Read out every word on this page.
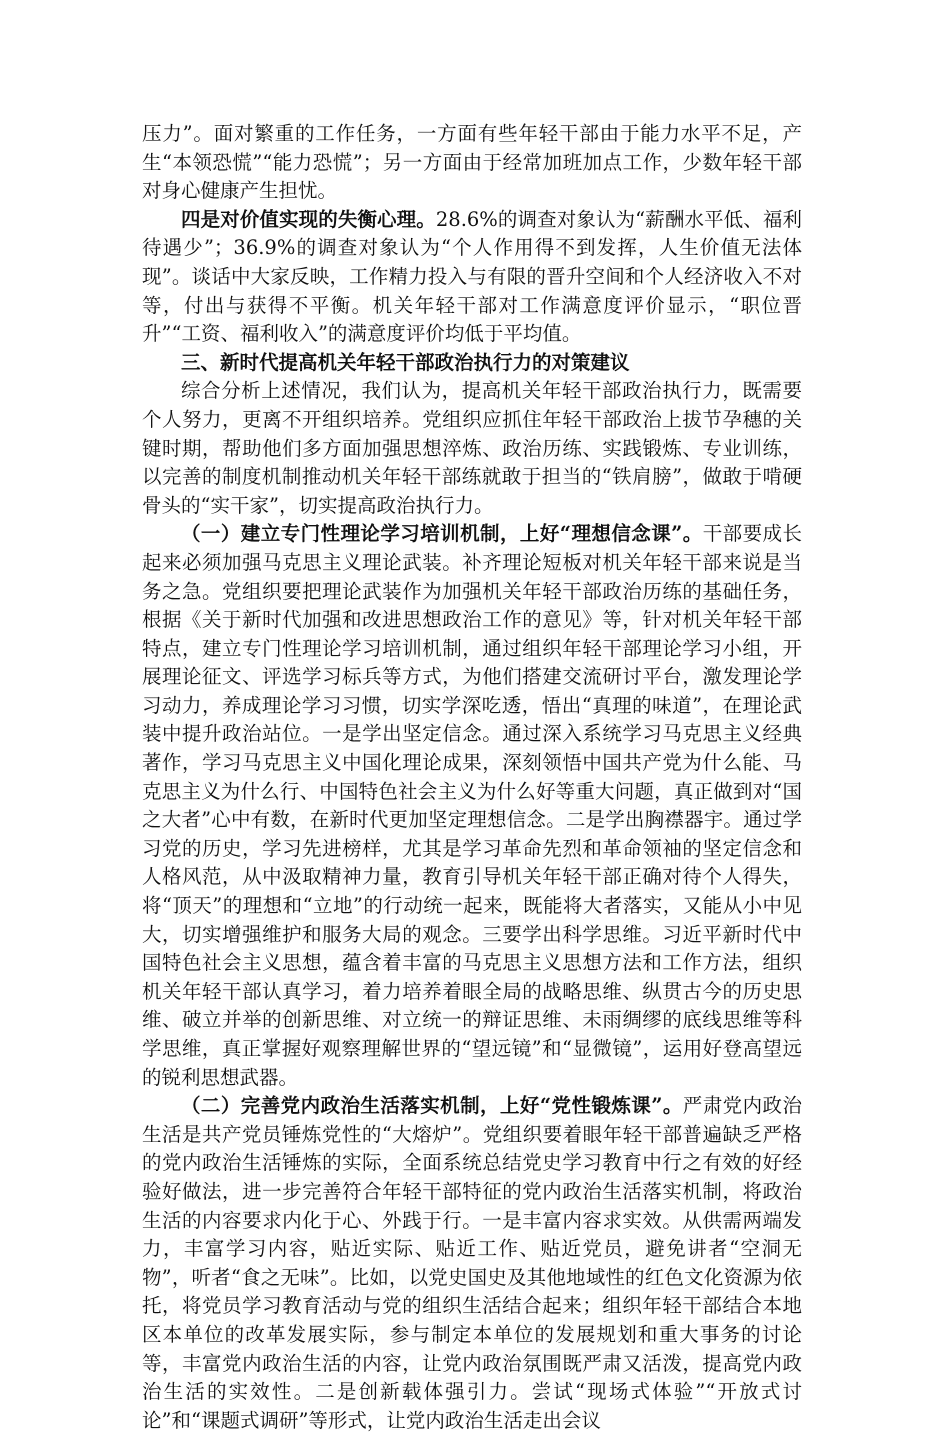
压力”。面对繁重的工作任务，一方面有些年轻干部由于能力水平不足，产生“本领恐慌”“能力恐慌”；另一方面由于经常加班加点工作，少数年轻干部对身心健康产生担忧。

四是对价值实现的失衡心理。28.6%的调查对象认为“薪酬水平低、福利待遇少”；36.9%的调查对象认为“个人作用得不到发挥，人生价值无法体现”。谈话中大家反映，工作精力投入与有限的晋升空间和个人经济收入不对等，付出与获得不平衡。机关年轻干部对工作满意度评价显示，“职位晋升”“工资、福利收入”的满意度评价均低于平均值。

三、新时代提高机关年轻干部政治执行力的对策建议

综合分析上述情况，我们认为，提高机关年轻干部政治执行力，既需要个人努力，更离不开组织培养。党组织应抓住年轻干部政治上拔节孕穗的关键时期，帮助他们多方面加强思想淬炼、政治历练、实践锻炼、专业训练，以完善的制度机制推动机关年轻干部练就敢于担当的“铁肩膀”，做敢于啃硬骨头的“实干家”，切实提高政治执行力。

（一）建立专门性理论学习培训机制，上好“理想信念课”。干部要成长起来必须加强马克思主义理论武装。补齐理论短板对机关年轻干部来说是当务之急。党组织要把理论武装作为加强机关年轻干部政治历练的基础任务，根据《关于新时代加强和改进思想政治工作的意见》等，针对机关年轻干部特点，建立专门性理论学习培训机制，通过组织年轻干部理论学习小组，开展理论征文、评选学习标兵等方式，为他们搭建交流研讨平台，激发理论学习动力，养成理论学习习惯，切实学深吃透，悟出“真理的味道”，在理论武装中提升政治站位。一是学出坚定信念。通过深入系统学习马克思主义经典著作，学习马克思主义中国化理论成果，深刻领悟中国共产党为什么能、马克思主义为什么行、中国特色社会主义为什么好等重大问题，真正做到对“国之大者”心中有数，在新时代更加坚定理想信念。二是学出胸襟器宇。通过学习党的历史，学习先进榜样，尤其是学习革命先烈和革命领袖的坚定信念和人格风范，从中汲取精神力量，教育引导机关年轻干部正确对待个人得失，将“顶天”的理想和“立地”的行动统一起来，既能将大者落实，又能从小中见大，切实增强维护和服务大局的观念。三要学出科学思维。习近平新时代中国特色社会主义思想，蕴含着丰富的马克思主义思想方法和工作方法，组织机关年轻干部认真学习，着力培养着眼全局的战略思维、纵贯古今的历史思维、破立并举的创新思维、对立统一的辩证思维、未雨绸缪的底线思维等科学思维，真正掌握好观察理解世界的“望远镜”和“显微镜”，运用好登高望远的锐利思想武器。

（二）完善党内政治生活落实机制，上好“党性锻炼课”。严肃党内政治生活是共产党员锤炼党性的“大熔炉”。党组织要着眼年轻干部普遍缺乏严格的党内政治生活锤炼的实际，全面系统总结党史学习教育中行之有效的好经验好做法，进一步完善符合年轻干部特征的党内政治生活落实机制，将政治生活的内容要求内化于心、外践于行。一是丰富内容求实效。从供需两端发力，丰富学习内容，贴近实际、贴近工作、贴近党员，避免讲者“空洞无物”，听者“食之无味”。比如，以党史国史及其他地域性的红色文化资源为依托，将党员学习教育活动与党的组织生活结合起来；组织年轻干部结合本地区本单位的改革发展实际，参与制定本单位的发展规划和重大事务的讨论等，丰富党内政治生活的内容，让党内政治氛围既严肃又活泼，提高党内政治生活的实效性。二是创新载体强引力。尝试“现场式体验”“开放式讨论”和“课题式调研”等形式，让党内政治生活走出会议
